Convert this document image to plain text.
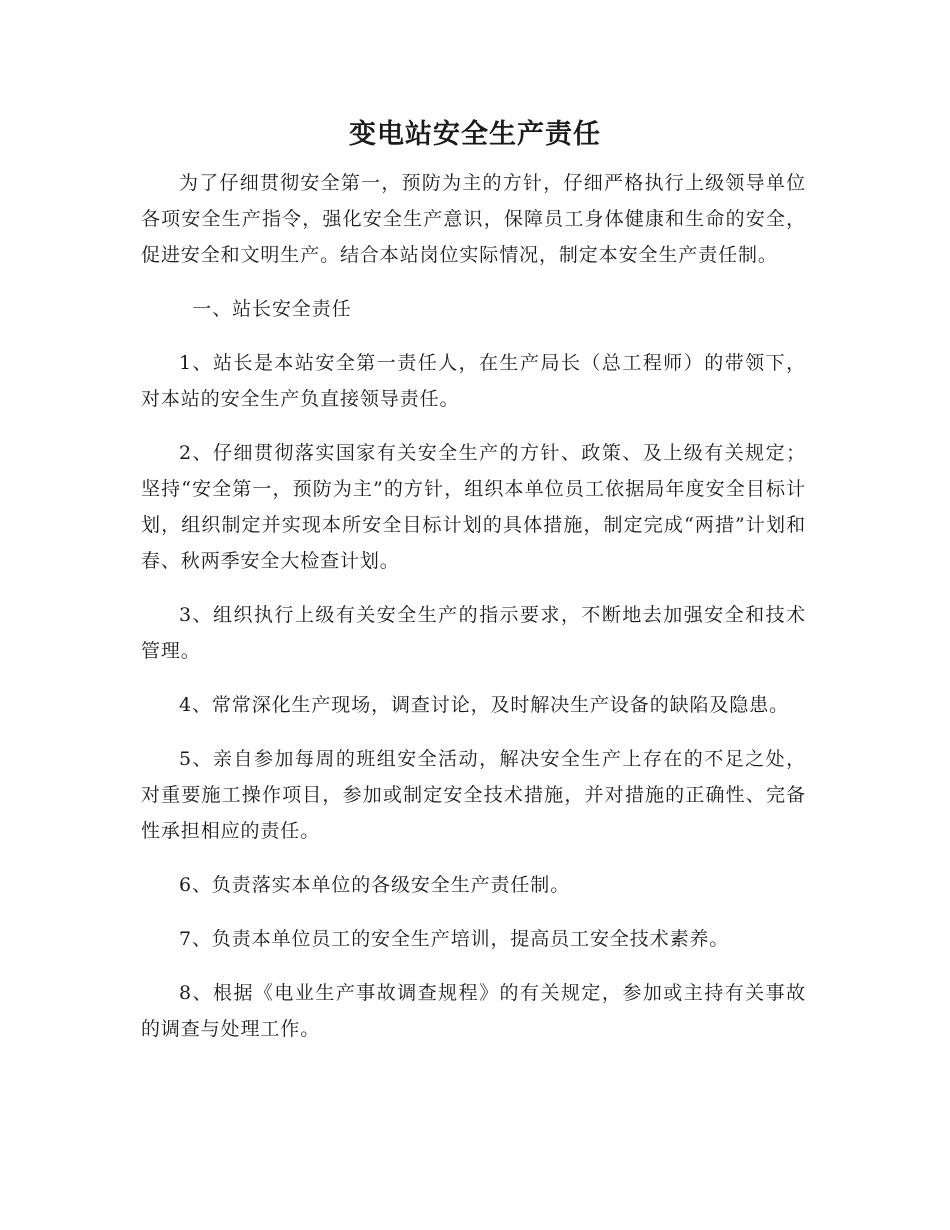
变电站安全生产责任

为了仔细贯彻安全第一，预防为主的方针，仔细严格执行上级领导单位各项安全生产指令，强化安全生产意识，保障员工身体健康和生命的安全，促进安全和文明生产。结合本站岗位实际情况，制定本安全生产责任制。

一、站长安全责任

1、站长是本站安全第一责任人，在生产局长（总工程师）的带领下，对本站的安全生产负直接领导责任。

2、仔细贯彻落实国家有关安全生产的方针、政策、及上级有关规定；坚持“安全第一，预防为主”的方针，组织本单位员工依据局年度安全目标计划，组织制定并实现本所安全目标计划的具体措施，制定完成“两措”计划和春、秋两季安全大检查计划。

3、组织执行上级有关安全生产的指示要求，不断地去加强安全和技术管理。

4、常常深化生产现场，调查讨论，及时解决生产设备的缺陷及隐患。

5、亲自参加每周的班组安全活动，解决安全生产上存在的不足之处，对重要施工操作项目，参加或制定安全技术措施，并对措施的正确性、完备性承担相应的责任。

6、负责落实本单位的各级安全生产责任制。

7、负责本单位员工的安全生产培训，提高员工安全技术素养。

8、根据《电业生产事故调查规程》的有关规定，参加或主持有关事故的调查与处理工作。
